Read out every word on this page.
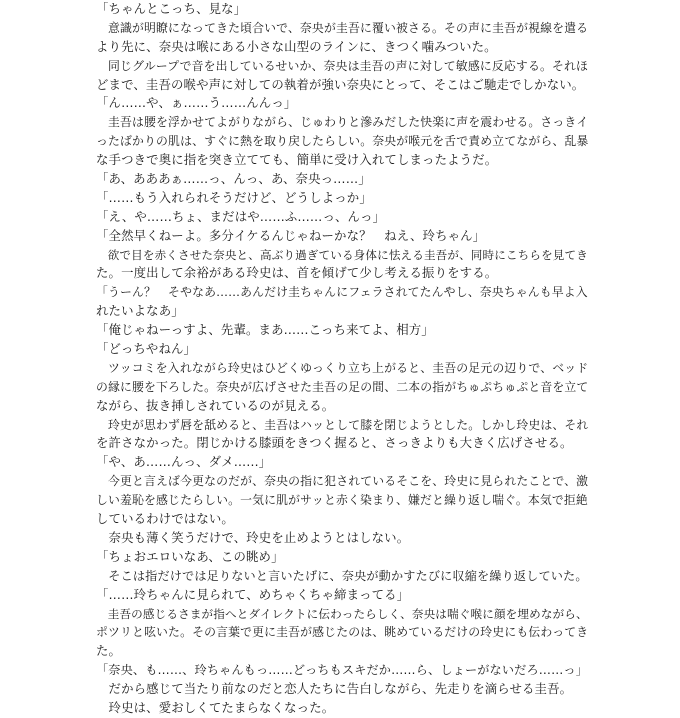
「ちゃんとこっち、見な」
　意識が明瞭になってきた頃合いで、奈央が圭吾に覆い被さる。その声に圭吾が視線を遣る
より先に、奈央は喉にある小さな山型のラインに、きつく噛みついた。
　同じグループで音を出しているせいか、奈央は圭吾の声に対して敏感に反応する。それほ
どまで、圭吾の喉や声に対しての執着が強い奈央にとって、そこはご馳走でしかない。
「ん……や、ぁ……う……んんっ」
　圭吾は腰を浮かせてよがりながら、じゅわりと滲みだした快楽に声を震わせる。さっきイ
ったばかりの肌は、すぐに熱を取り戻したらしい。奈央が喉元を舌で責め立てながら、乱暴
な手つきで奥に指を突き立てても、簡単に受け入れてしまったようだ。
「あ、あああぁ……っ、んっ、あ、奈央っ……」
「……もう入れられそうだけど、どうしよっか」
「え、や……ちょ、まだはや……ふ……っ、んっ」
「全然早くねーよ。多分イケるんじゃねーかな？　ねえ、玲ちゃん」
　欲で目を赤くさせた奈央と、高ぶり過ぎている身体に怯える圭吾が、同時にこちらを見てき
た。一度出して余裕がある玲史は、首を傾げて少し考える振りをする。
「うーん？　そやなあ……あんだけ圭ちゃんにフェラされてたんやし、奈央ちゃんも早よ入
れたいよなあ」
「俺じゃねーっすよ、先輩。まあ……こっち来てよ、相方」
「どっちやねん」
　ツッコミを入れながら玲史はひどくゆっくり立ち上がると、圭吾の足元の辺りで、ベッド
の縁に腰を下ろした。奈央が広げさせた圭吾の足の間、二本の指がちゅぷちゅぷと音を立て
ながら、抜き挿しされているのが見える。
　玲史が思わず唇を舐めると、圭吾はハッとして膝を閉じようとした。しかし玲史は、それ
を許さなかった。閉じかける膝頭をきつく握ると、さっきよりも大きく広げさせる。
「や、あ……んっ、ダメ……」
　今更と言えば今更なのだが、奈央の指に犯されているそこを、玲史に見られたことで、激
しい羞恥を感じたらしい。一気に肌がサッと赤く染まり、嫌だと繰り返し喘ぐ。本気で拒絶
しているわけではない。
　奈央も薄く笑うだけで、玲史を止めようとはしない。
「ちょおエロいなあ、この眺め」
　そこは指だけでは足りないと言いたげに、奈央が動かすたびに収縮を繰り返していた。
「……玲ちゃんに見られて、めちゃくちゃ締まってる」
　圭吾の感じるさまが指へとダイレクトに伝わったらしく、奈央は喘ぐ喉に顔を埋めながら、
ポツリと呟いた。その言葉で更に圭吾が感じたのは、眺めているだけの玲史にも伝わってき
た。
「奈央、も……、玲ちゃんもっ……どっちもスキだか……ら、しょーがないだろ……っ」
　だから感じて当たり前なのだと恋人たちに告白しながら、先走りを滴らせる圭吾。
　玲史は、愛おしくてたまらなくなった。
